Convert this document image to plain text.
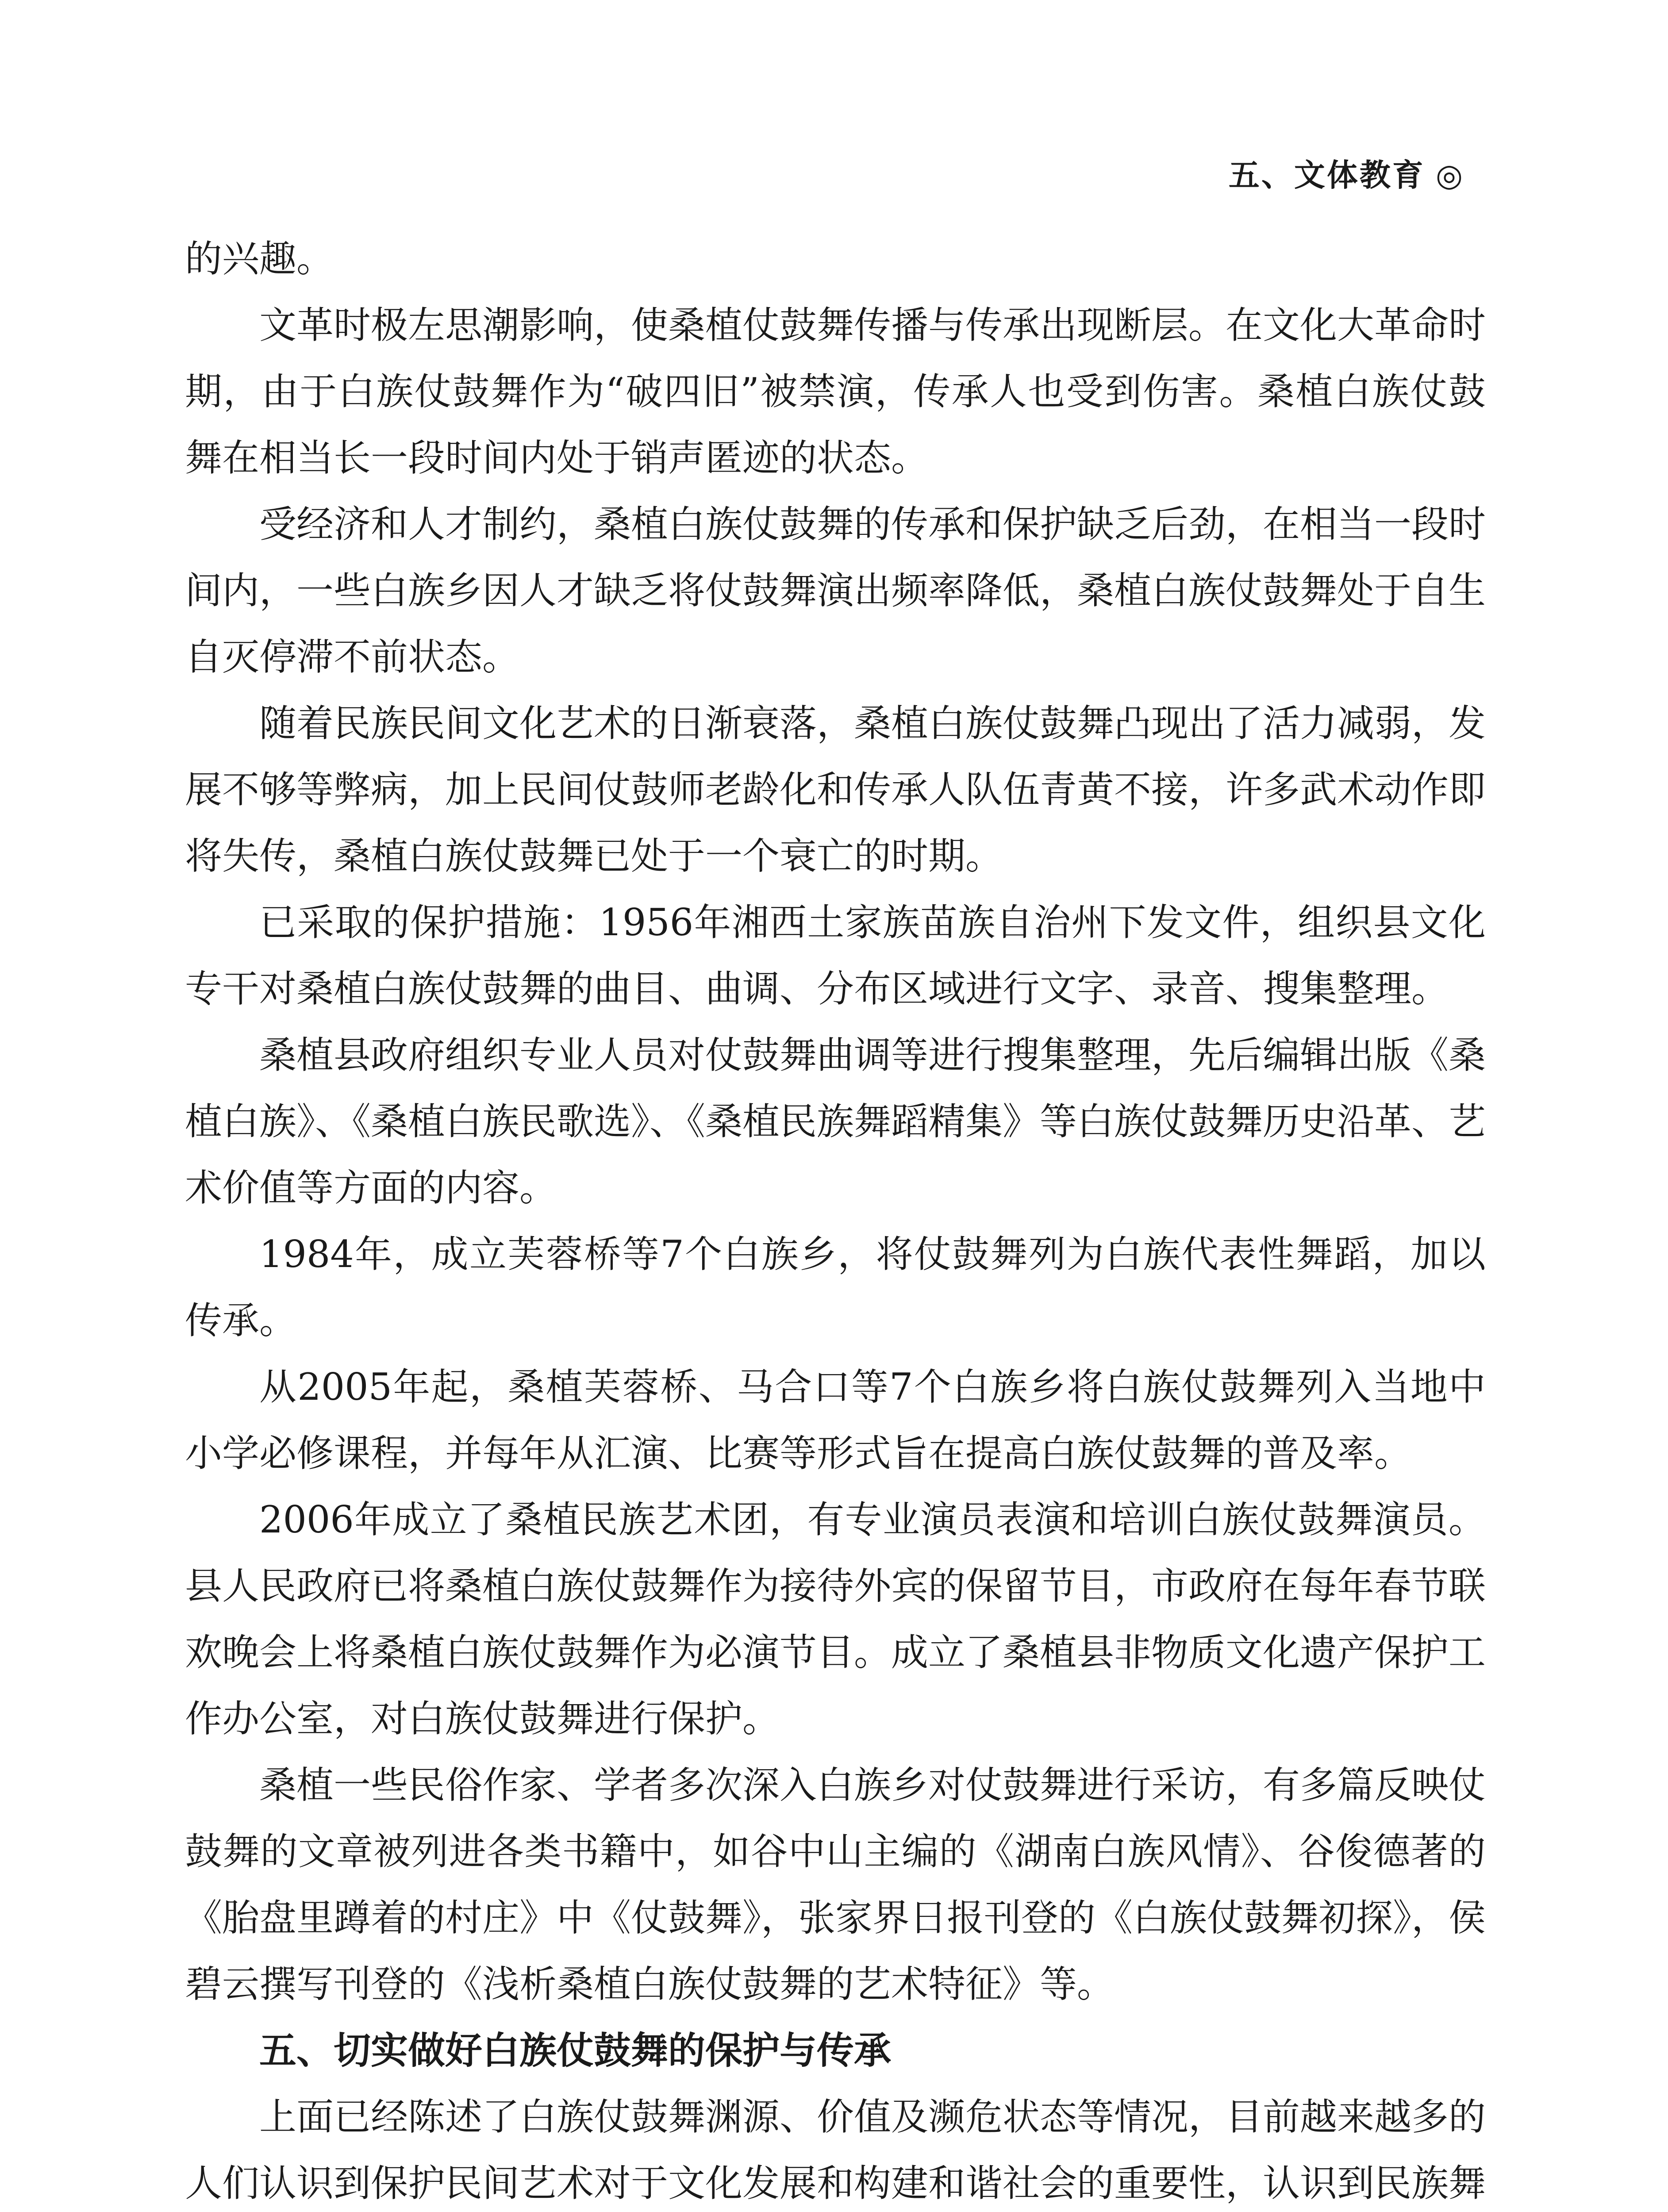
五、文体教育 ◎

的兴趣。

文革时极左思潮影响，使桑植仗鼓舞传播与传承出现断层。在文化大革命时期，由于白族仗鼓舞作为“破四旧”被禁演，传承人也受到伤害。桑植白族仗鼓舞在相当长一段时间内处于销声匿迹的状态。

受经济和人才制约，桑植白族仗鼓舞的传承和保护缺乏后劲，在相当一段时间内，一些白族乡因人才缺乏将仗鼓舞演出频率降低，桑植白族仗鼓舞处于自生自灭停滞不前状态。

随着民族民间文化艺术的日渐衰落，桑植白族仗鼓舞凸现出了活力减弱，发展不够等弊病，加上民间仗鼓师老龄化和传承人队伍青黄不接，许多武术动作即将失传，桑植白族仗鼓舞已处于一个衰亡的时期。

已采取的保护措施：1956年湘西土家族苗族自治州下发文件，组织县文化专干对桑植白族仗鼓舞的曲目、曲调、分布区域进行文字、录音、搜集整理。

桑植县政府组织专业人员对仗鼓舞曲调等进行搜集整理，先后编辑出版《桑植白族》、《桑植白族民歌选》、《桑植民族舞蹈精集》等白族仗鼓舞历史沿革、艺术价值等方面的内容。

1984年，成立芙蓉桥等7个白族乡，将仗鼓舞列为白族代表性舞蹈，加以传承。

从2005年起，桑植芙蓉桥、马合口等7个白族乡将白族仗鼓舞列入当地中小学必修课程，并每年从汇演、比赛等形式旨在提高白族仗鼓舞的普及率。

2006年成立了桑植民族艺术团，有专业演员表演和培训白族仗鼓舞演员。县人民政府已将桑植白族仗鼓舞作为接待外宾的保留节目，市政府在每年春节联欢晚会上将桑植白族仗鼓舞作为必演节目。成立了桑植县非物质文化遗产保护工作办公室，对白族仗鼓舞进行保护。

桑植一些民俗作家、学者多次深入白族乡对仗鼓舞进行采访，有多篇反映仗鼓舞的文章被列进各类书籍中，如谷中山主编的《湖南白族风情》、谷俊德著的《胎盘里蹲着的村庄》中《仗鼓舞》，张家界日报刊登的《白族仗鼓舞初探》，侯碧云撰写刊登的《浅析桑植白族仗鼓舞的艺术特征》等。

五、切实做好白族仗鼓舞的保护与传承

上面已经陈述了白族仗鼓舞渊源、价值及濒危状态等情况，目前越来越多的人们认识到保护民间艺术对于文化发展和构建和谐社会的重要性，认识到民族舞
